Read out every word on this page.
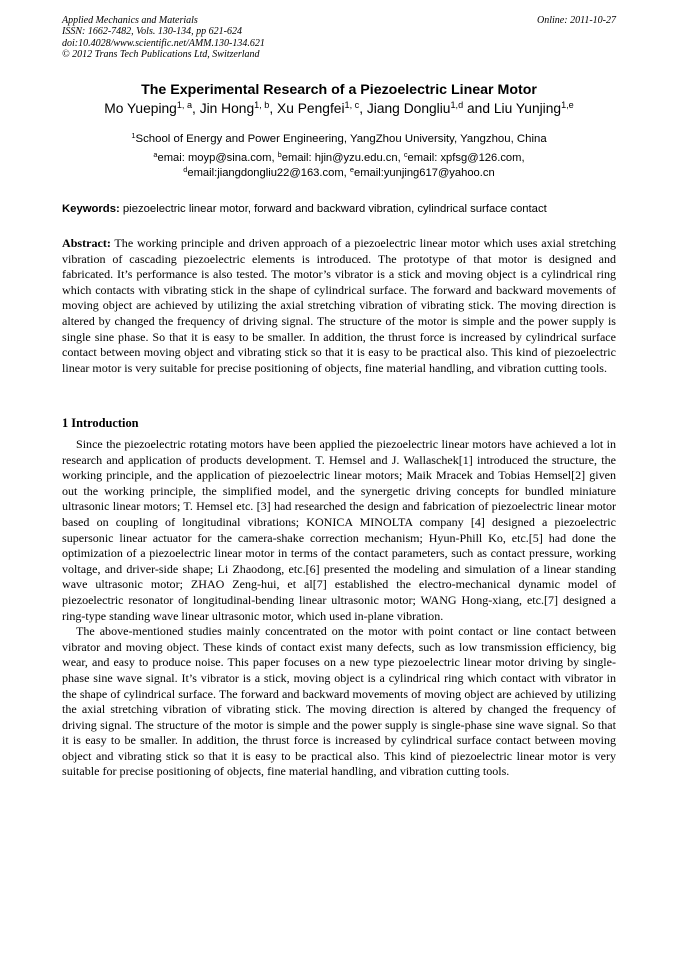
Applied Mechanics and Materials
ISSN: 1662-7482, Vols. 130-134, pp 621-624
doi:10.4028/www.scientific.net/AMM.130-134.621
© 2012 Trans Tech Publications Ltd, Switzerland
Online: 2011-10-27
The Experimental Research of a Piezoelectric Linear Motor
Mo Yueping$^{1, a}$, Jin Hong$^{1, b}$, Xu Pengfei$^{1, c}$, Jiang Dongliu$^{1,d}$ and Liu Yunjing$^{1,e}$
$^1$School of Energy and Power Engineering, YangZhou University, Yangzhou, China
$^a$emai: moyp@sina.com, $^b$email: hjin@yzu.edu.cn, $^c$email: xpfsg@126.com,
$^d$email:jiangdongliu22@163.com, $^e$email:yunjing617@yahoo.cn
Keywords: piezoelectric linear motor, forward and backward vibration, cylindrical surface contact
Abstract: The working principle and driven approach of a piezoelectric linear motor which uses axial stretching vibration of cascading piezoelectric elements is introduced. The prototype of that motor is designed and fabricated. It’s performance is also tested. The motor’s vibrator is a stick and moving object is a cylindrical ring which contacts with vibrating stick in the shape of cylindrical surface. The forward and backward movements of moving object are achieved by utilizing the axial stretching vibration of vibrating stick. The moving direction is altered by changed the frequency of driving signal. The structure of the motor is simple and the power supply is single sine phase. So that it is easy to be smaller. In addition, the thrust force is increased by cylindrical surface contact between moving object and vibrating stick so that it is easy to be practical also. This kind of piezoelectric linear motor is very suitable for precise positioning of objects, fine material handling, and vibration cutting tools.
1 Introduction

Since the piezoelectric rotating motors have been applied the piezoelectric linear motors have achieved a lot in research and application of products development. T. Hemsel and J. Wallaschek[1] introduced the structure, the working principle, and the application of piezoelectric linear motors; Maik Mracek and Tobias Hemsel[2] given out the working principle, the simplified model, and the synergetic driving concepts for bundled miniature ultrasonic linear motors; T. Hemsel etc. [3] had researched the design and fabrication of piezoelectric linear motor based on coupling of longitudinal vibrations; KONICA MINOLTA company [4] designed a piezoelectric supersonic linear actuator for the camera-shake correction mechanism; Hyun-Phill Ko, etc.[5] had done the optimization of a piezoelectric linear motor in terms of the contact parameters, such as contact pressure, working voltage, and driver-side shape; Li Zhaodong, etc.[6] presented the modeling and simulation of a linear standing wave ultrasonic motor; ZHAO Zeng-hui, et al[7] established the electro-mechanical dynamic model of piezoelectric resonator of longitudinal-bending linear ultrasonic motor; WANG Hong-xiang, etc.[7] designed a ring-type standing wave linear ultrasonic motor, which used in-plane vibration.

The above-mentioned studies mainly concentrated on the motor with point contact or line contact between vibrator and moving object. These kinds of contact exist many defects, such as low transmission efficiency, big wear, and easy to produce noise. This paper focuses on a new type piezoelectric linear motor driving by single-phase sine wave signal. It’s vibrator is a stick, moving object is a cylindrical ring which contact with vibrator in the shape of cylindrical surface. The forward and backward movements of moving object are achieved by utilizing the axial stretching vibration of vibrating stick. The moving direction is altered by changed the frequency of driving signal. The structure of the motor is simple and the power supply is single-phase sine wave signal. So that it is easy to be smaller. In addition, the thrust force is increased by cylindrical surface contact between moving object and vibrating stick so that it is easy to be practical also. This kind of piezoelectric linear motor is very suitable for precise positioning of objects, fine material handling, and vibration cutting tools.
